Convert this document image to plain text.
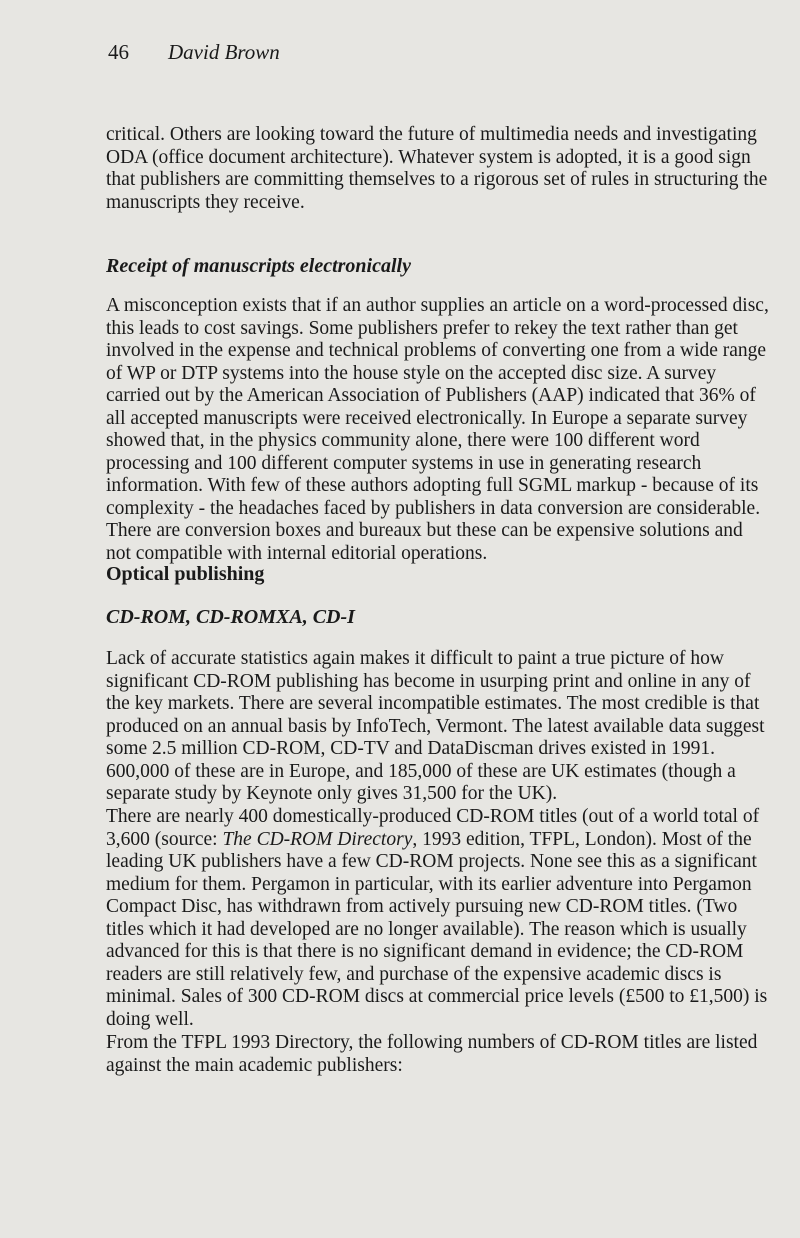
46 David Brown

critical. Others are looking toward the future of multimedia needs and investigating ODA (office document architecture). Whatever system is adopted, it is a good sign that publishers are committing themselves to a rigorous set of rules in structuring the manuscripts they receive.

Receipt of manuscripts electronically

A misconception exists that if an author supplies an article on a word-processed disc, this leads to cost savings. Some publishers prefer to rekey the text rather than get involved in the expense and technical problems of converting one from a wide range of WP or DTP systems into the house style on the accepted disc size. A survey carried out by the American Association of Publishers (AAP) indicated that 36% of all accepted manuscripts were received electronically. In Europe a separate survey showed that, in the physics community alone, there were 100 different word processing and 100 different computer systems in use in generating research information. With few of these authors adopting full SGML markup - because of its complexity - the headaches faced by publishers in data conversion are considerable. There are conversion boxes and bureaux but these can be expensive solutions and not compatible with internal editorial operations.

Optical publishing
CD-ROM, CD-ROMXA, CD-I

Lack of accurate statistics again makes it difficult to paint a true picture of how significant CD-ROM publishing has become in usurping print and online in any of the key markets. There are several incompatible estimates. The most credible is that produced on an annual basis by InfoTech, Vermont. The latest available data suggest some 2.5 million CD-ROM, CD-TV and DataDiscman drives existed in 1991. 600,000 of these are in Europe, and 185,000 of these are UK estimates (though a separate study by Keynote only gives 31,500 for the UK).

There are nearly 400 domestically-produced CD-ROM titles (out of a world total of 3,600 (source: The CD-ROM Directory, 1993 edition, TFPL, London). Most of the leading UK publishers have a few CD-ROM projects. None see this as a significant medium for them. Pergamon in particular, with its earlier adventure into Pergamon Compact Disc, has withdrawn from actively pursuing new CD-ROM titles. (Two titles which it had developed are no longer available). The reason which is usually advanced for this is that there is no significant demand in evidence; the CD-ROM readers are still relatively few, and purchase of the expensive academic discs is minimal. Sales of 300 CD-ROM discs at commercial price levels (£500 to £1,500) is doing well.

From the TFPL 1993 Directory, the following numbers of CD-ROM titles are listed against the main academic publishers:
